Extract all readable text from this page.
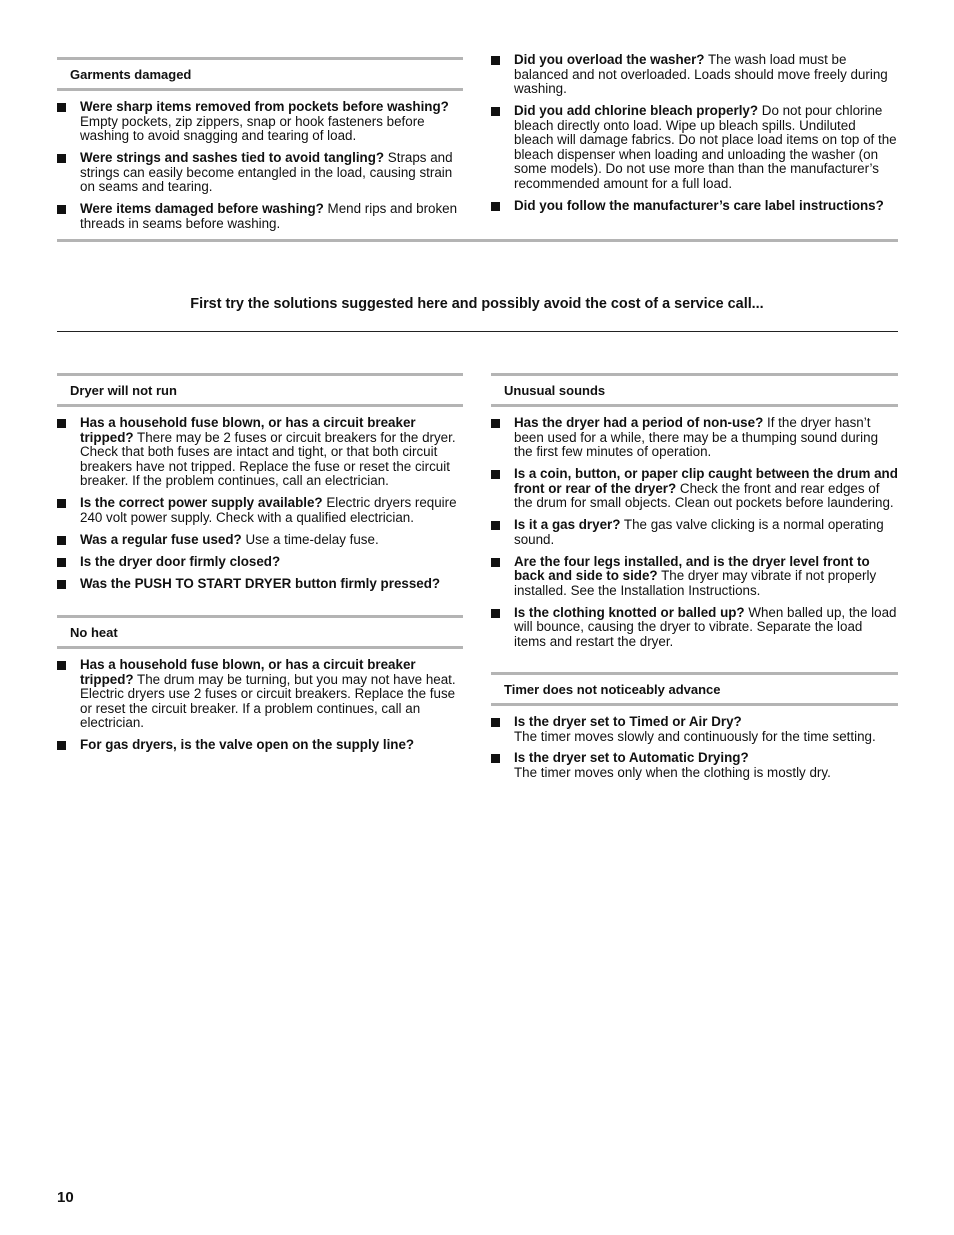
Garments damaged
Were sharp items removed from pockets before washing? Empty pockets, zip zippers, snap or hook fasteners before washing to avoid snagging and tearing of load.
Were strings and sashes tied to avoid tangling? Straps and strings can easily become entangled in the load, causing strain on seams and tearing.
Were items damaged before washing? Mend rips and broken threads in seams before washing.
Did you overload the washer? The wash load must be balanced and not overloaded. Loads should move freely during washing.
Did you add chlorine bleach properly? Do not pour chlorine bleach directly onto load. Wipe up bleach spills. Undiluted bleach will damage fabrics. Do not place load items on top of the bleach dispenser when loading and unloading the washer (on some models). Do not use more than than the manufacturer’s recommended amount for a full load.
Did you follow the manufacturer’s care label instructions?
First try the solutions suggested here and possibly avoid the cost of a service call...
Dryer will not run
Has a household fuse blown, or has a circuit breaker tripped? There may be 2 fuses or circuit breakers for the dryer. Check that both fuses are intact and tight, or that both circuit breakers have not tripped. Replace the fuse or reset the circuit breaker. If the problem continues, call an electrician.
Is the correct power supply available? Electric dryers require 240 volt power supply. Check with a qualified electrician.
Was a regular fuse used? Use a time-delay fuse.
Is the dryer door firmly closed?
Was the PUSH TO START DRYER button firmly pressed?
No heat
Has a household fuse blown, or has a circuit breaker tripped? The drum may be turning, but you may not have heat. Electric dryers use 2 fuses or circuit breakers. Replace the fuse or reset the circuit breaker. If a problem continues, call an electrician.
For gas dryers, is the valve open on the supply line?
Unusual sounds
Has the dryer had a period of non-use? If the dryer hasn’t been used for a while, there may be a thumping sound during the first few minutes of operation.
Is a coin, button, or paper clip caught between the drum and front or rear of the dryer? Check the front and rear edges of the drum for small objects. Clean out pockets before laundering.
Is it a gas dryer? The gas valve clicking is a normal operating sound.
Are the four legs installed, and is the dryer level front to back and side to side? The dryer may vibrate if not properly installed. See the Installation Instructions.
Is the clothing knotted or balled up? When balled up, the load will bounce, causing the dryer to vibrate. Separate the load items and restart the dryer.
Timer does not noticeably advance
Is the dryer set to Timed or Air Dry?
The timer moves slowly and continuously for the time setting.
Is the dryer set to Automatic Drying?
The timer moves only when the clothing is mostly dry.
10
